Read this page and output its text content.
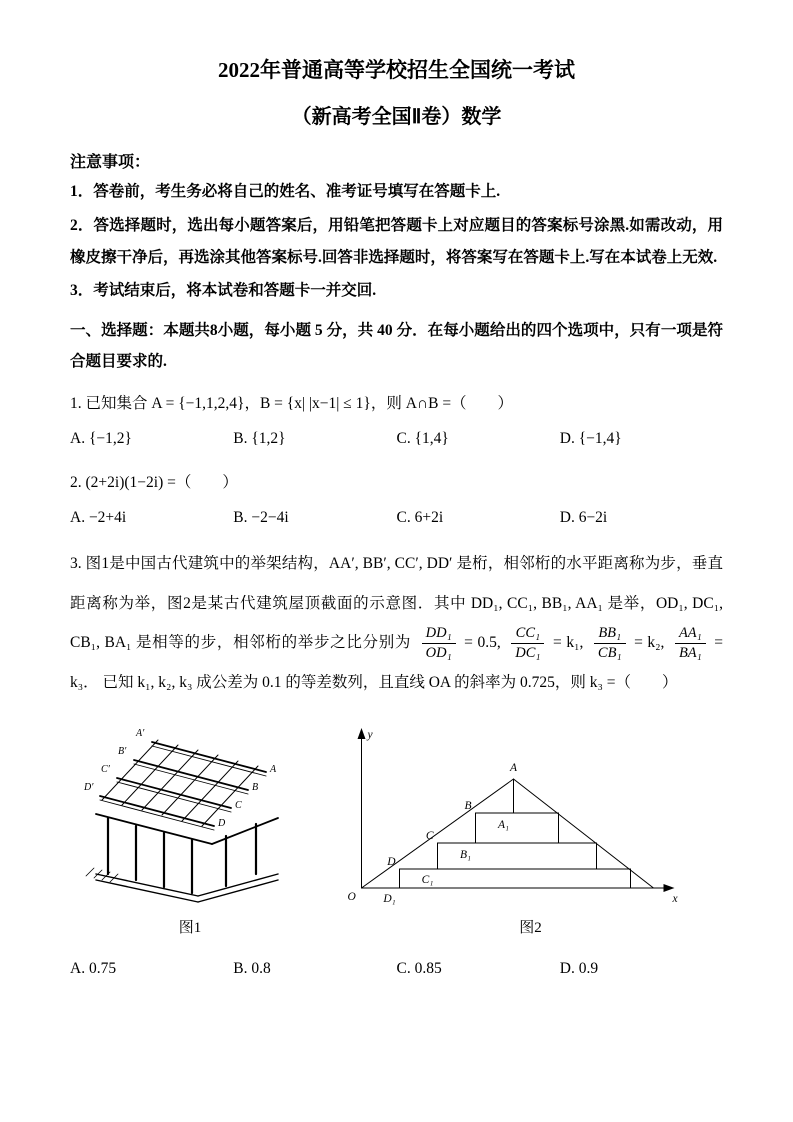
2022年普通高等学校招生全国统一考试
（新高考全国Ⅱ卷）数学

注意事项：

1．答卷前，考生务必将自己的姓名、准考证号填写在答题卡上.

2．答选择题时，选出每小题答案后，用铅笔把答题卡上对应题目的答案标号涂黑.如需改动，用橡皮擦干净后，再选涂其他答案标号.回答非选择题时，将答案写在答题卡上.写在本试卷上无效.

3．考试结束后，将本试卷和答题卡一并交回.

一、选择题：本题共8小题，每小题 5 分，共 40 分．在每小题给出的四个选项中，只有一项是符合题目要求的.

1. 已知集合 A = {−1,1,2,4}，B = {x| |x−1| ≤ 1}，则 A∩B =（　　）

A. {−1,2}	B. {1,2}	C. {1,4}	D. {−1,4}

2. (2+2i)(1−2i) =（　　）

A. −2+4i	B. −2−4i	C. 6+2i	D. 6−2i

3. 图1是中国古代建筑中的举架结构，AA′, BB′, CC′, DD′ 是桁，相邻桁的水平距离称为步，垂直距离称为举，图2是某古代建筑屋顶截面的示意图．其中 DD₁, CC₁, BB₁, AA₁ 是举，OD₁, DC₁, CB₁, BA₁ 是相等的步，相邻桁的举步之比分别为 $\frac{\text{DD₁}}{\text{OD₁}} = 0.5$, $\frac{\text{CC₁}}{\text{DC₁}} = k_1$, $\frac{\text{BB₁}}{\text{CB₁}} = k_2$, $\frac{\text{AA₁}}{\text{BA₁}} = k_3$． 已知 k₁, k₂, k₃ 成公差为 0.1 的等差数列，且直线 OA 的斜率为 0.725，则 k₃ =（　　）

A′
B′
C′
D′
A
B
C
D
图1
y
x
O
A
B
A₁
C
B₁
D
C₁
D₁
图2
A. 0.75	B. 0.8	C. 0.85	D. 0.9
